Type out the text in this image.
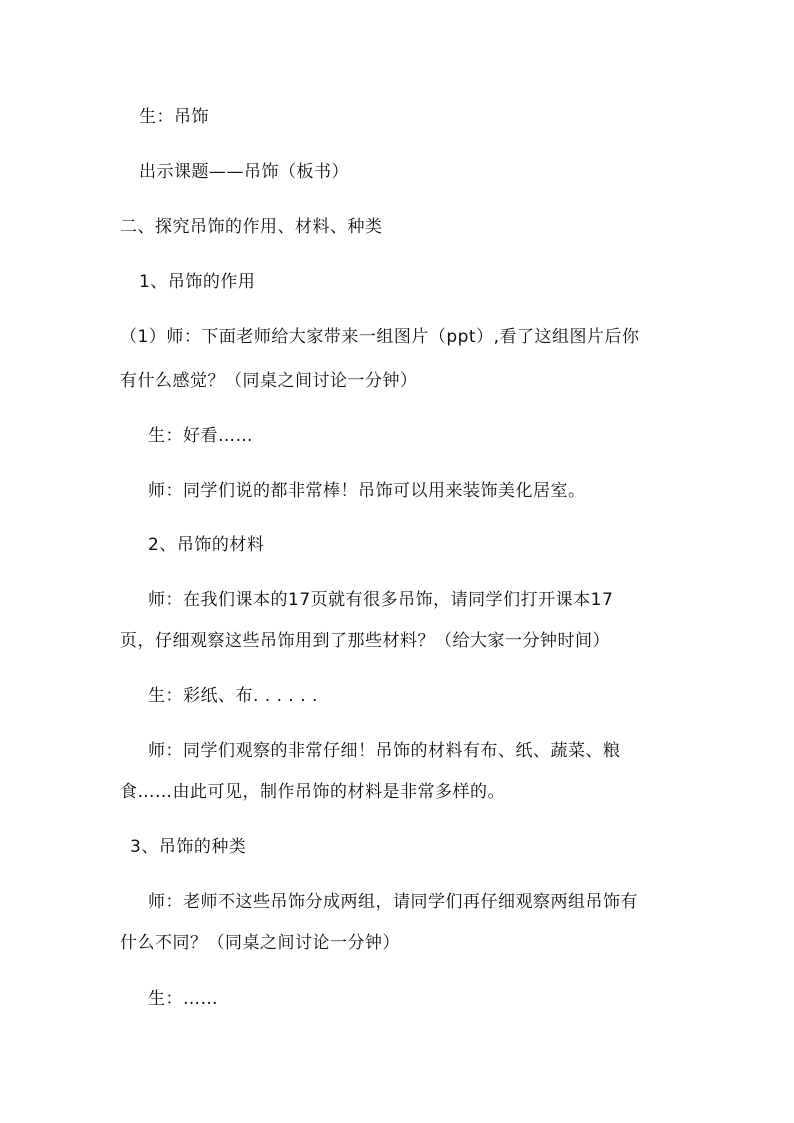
生：吊饰
出示课题——吊饰（板书）
二、探究吊饰的作用、材料、种类
1、吊饰的作用
（1）师：下面老师给大家带来一组图片（ppt）,看了这组图片后你
有什么感觉？（同桌之间讨论一分钟）
生：好看……
师：同学们说的都非常棒！吊饰可以用来装饰美化居室。
2、吊饰的材料
师：在我们课本的17页就有很多吊饰，请同学们打开课本17
页，仔细观察这些吊饰用到了那些材料？（给大家一分钟时间）
生：彩纸、布. . . . . .
师：同学们观察的非常仔细！吊饰的材料有布、纸、蔬菜、粮
食……由此可见，制作吊饰的材料是非常多样的。
3、吊饰的种类
师：老师不这些吊饰分成两组，请同学们再仔细观察两组吊饰有
什么不同？（同桌之间讨论一分钟）
生：……
